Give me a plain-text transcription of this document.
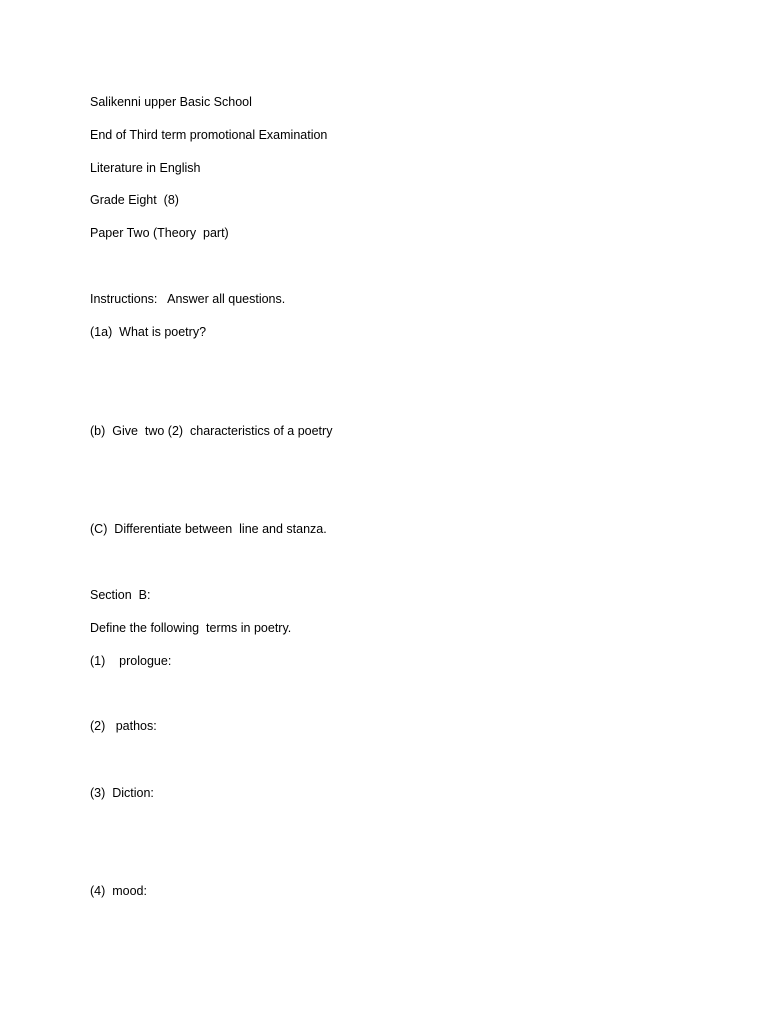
Salikenni upper Basic School
End of Third term promotional Examination
Literature in English
Grade Eight  (8)
Paper Two (Theory  part)
Instructions:   Answer all questions.
(1a)  What is poetry?
(b)  Give  two (2)  characteristics of a poetry
(C)  Differentiate between  line and stanza.
Section  B:
Define the following  terms in poetry.
(1)    prologue:
(2)   pathos:
(3)  Diction:
(4)  mood:
